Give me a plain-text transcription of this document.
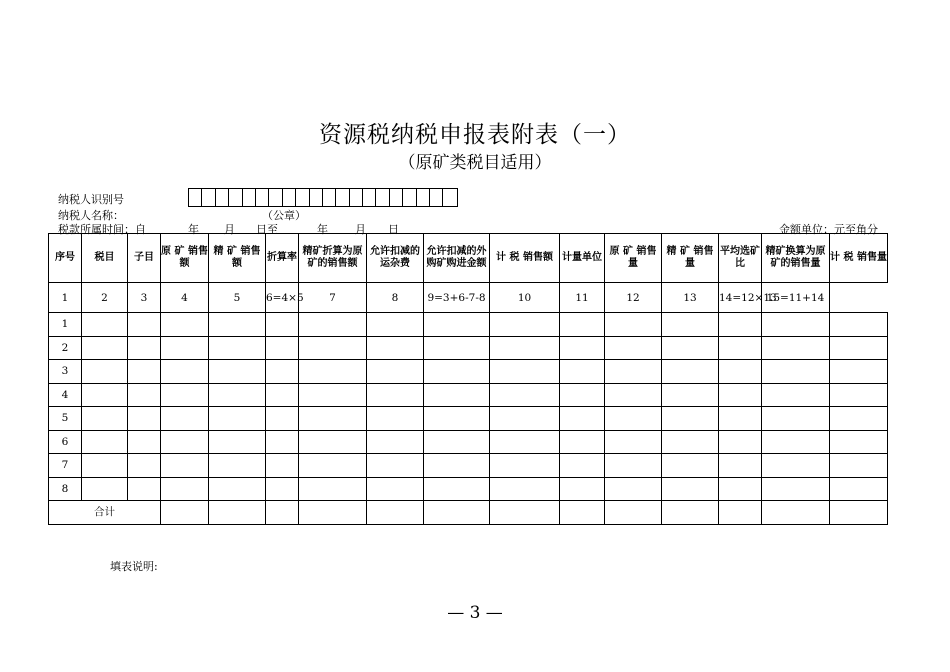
资源税纳税申报表附表（一）
（原矿类税目适用）
纳税人识别号
纳税人名称：	（公章）
税款所属时间：自	年 月 日至	年 月 日	金额单位：元至角分
序号	税目	子目	原 矿 销售额	精 矿 销售额	折算率	精矿折算为原矿的销售额	允许扣减的运杂费	允许扣减的外购矿购进金额	计 税 销售额	计量单位	原 矿 销售量	精 矿 销售量	平均选矿比	精矿换算为原矿的销售量	计 税 销售量
1	2	3	4	5	6=4×5	7	8	9=3+6-7-8	10	11	12	13	14=12×13	15=11+14	
1															
2															
3															
4															
5															
6															
7															
8															
合计															
填表说明:
— 3 —
